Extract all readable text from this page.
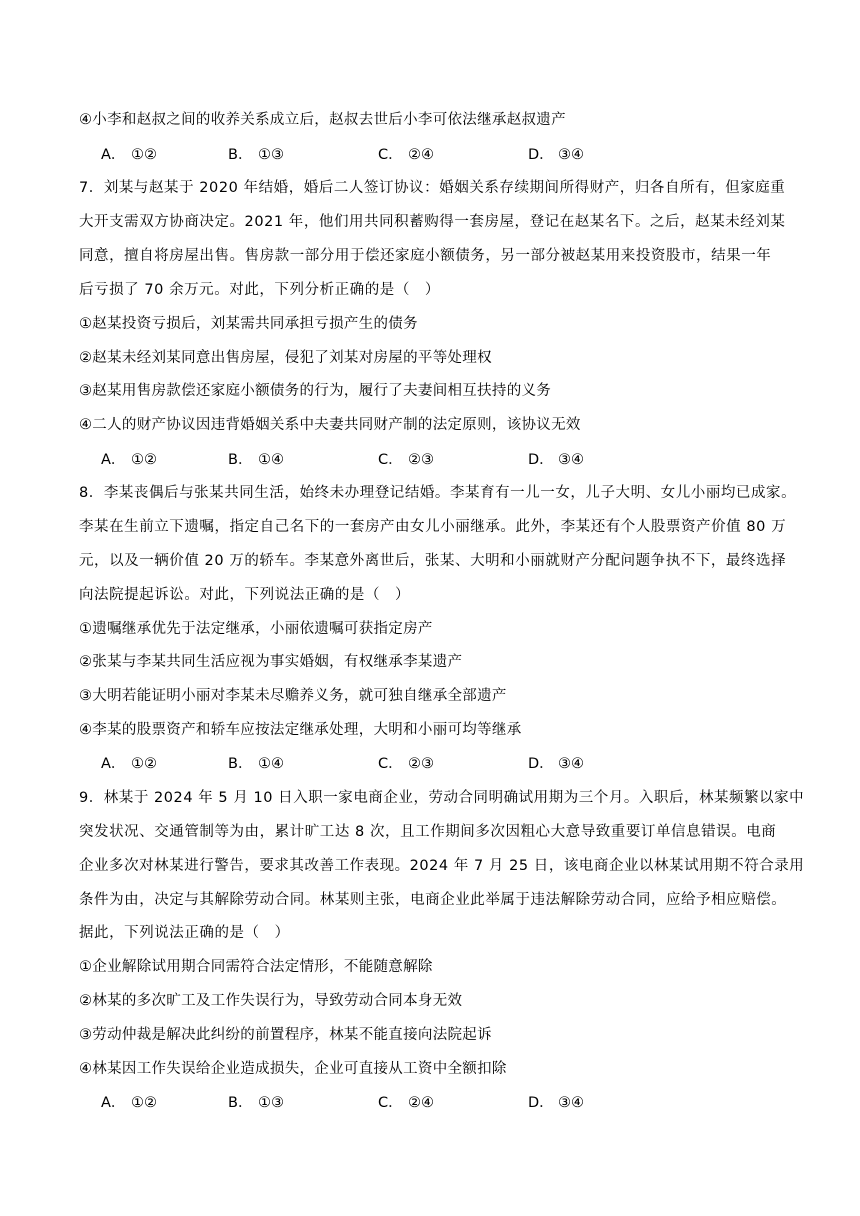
④小李和赵叔之间的收养关系成立后，赵叔去世后小李可依法继承赵叔遗产
A． ①②	B． ①③	C． ②④	D． ③④
7．刘某与赵某于 2020 年结婚，婚后二人签订协议：婚姻关系存续期间所得财产，归各自所有，但家庭重
大开支需双方协商决定。2021 年，他们用共同积蓄购得一套房屋，登记在赵某名下。之后，赵某未经刘某
同意，擅自将房屋出售。售房款一部分用于偿还家庭小额债务，另一部分被赵某用来投资股市，结果一年
后亏损了 70 余万元。对此，下列分析正确的是（　）
①赵某投资亏损后，刘某需共同承担亏损产生的债务
②赵某未经刘某同意出售房屋，侵犯了刘某对房屋的平等处理权
③赵某用售房款偿还家庭小额债务的行为，履行了夫妻间相互扶持的义务
④二人的财产协议因违背婚姻关系中夫妻共同财产制的法定原则，该协议无效
A． ①②	B． ①④	C． ②③	D． ③④
8．李某丧偶后与张某共同生活，始终未办理登记结婚。李某育有一儿一女，儿子大明、女儿小丽均已成家。
李某在生前立下遗嘱，指定自己名下的一套房产由女儿小丽继承。此外，李某还有个人股票资产价值 80 万
元，以及一辆价值 20 万的轿车。李某意外离世后，张某、大明和小丽就财产分配问题争执不下，最终选择
向法院提起诉讼。对此，下列说法正确的是（　）
①遗嘱继承优先于法定继承，小丽依遗嘱可获指定房产
②张某与李某共同生活应视为事实婚姻，有权继承李某遗产
③大明若能证明小丽对李某未尽赡养义务，就可独自继承全部遗产
④李某的股票资产和轿车应按法定继承处理，大明和小丽可均等继承
A． ①②	B． ①④	C． ②③	D． ③④
9．林某于 2024 年 5 月 10 日入职一家电商企业，劳动合同明确试用期为三个月。入职后，林某频繁以家中
突发状况、交通管制等为由，累计旷工达 8 次，且工作期间多次因粗心大意导致重要订单信息错误。电商
企业多次对林某进行警告，要求其改善工作表现。2024 年 7 月 25 日，该电商企业以林某试用期不符合录用
条件为由，决定与其解除劳动合同。林某则主张，电商企业此举属于违法解除劳动合同，应给予相应赔偿。
据此，下列说法正确的是（　）
①企业解除试用期合同需符合法定情形，不能随意解除
②林某的多次旷工及工作失误行为，导致劳动合同本身无效
③劳动仲裁是解决此纠纷的前置程序，林某不能直接向法院起诉
④林某因工作失误给企业造成损失，企业可直接从工资中全额扣除
A． ①②	B． ①③	C． ②④	D． ③④
